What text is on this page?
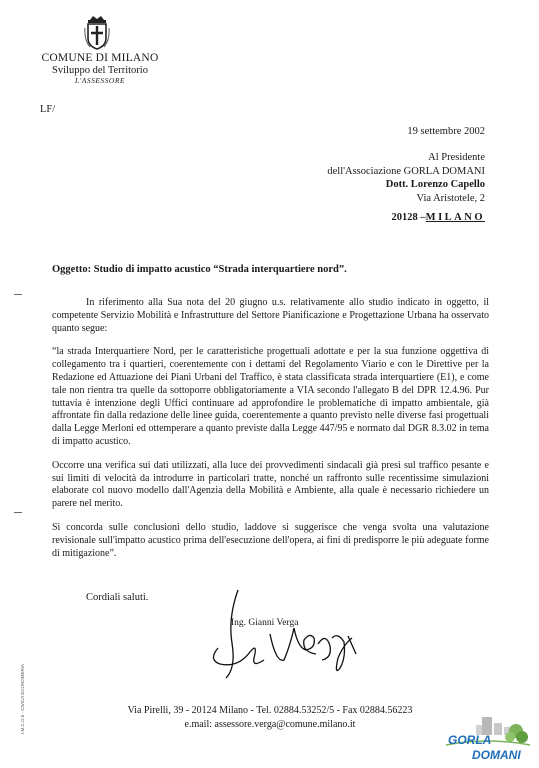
COMUNE DI MILANO
Sviluppo del Territorio
L'ASSESSORE
LF/
19 settembre 2002
Al Presidente
dell'Associazione GORLA DOMANI
Dott. Lorenzo Capello
Via Aristotele, 2
20128 –MILANO
Oggetto: Studio di impatto acustico “Strada interquartiere nord”.

In riferimento alla Sua nota del 20 giugno u.s. relativamente allo studio indicato in oggetto, il competente Servizio Mobilità e Infrastrutture del Settore Pianificazione e Progettazione Urbana ha osservato quanto segue:

“la strada Interquartiere Nord, per le caratteristiche progettuali adottate e per la sua funzione oggettiva di collegamento tra i quartieri, coerentemente con i dettami del Regolamento Viario e con le Direttive per la Redazione ed Attuazione dei Piani Urbani del Traffico, è stata classificata strada interquartiere (E1), e come tale non rientra tra quelle da sottoporre obbligatoriamente a VIA secondo l'allegato B del DPR 12.4.96. Pur tuttavia è intenzione degli Uffici continuare ad approfondire le problematiche di impatto ambientale, già affrontate fin dalla redazione delle linee guida, coerentemente a quanto previsto nelle diverse fasi progettuali dalla Legge Merloni ed ottemperare a quanto previste dalla Legge 447/95 e normato dal DGR 8.3.02 in tema di impatto acustico.

Occorre una verifica sui dati utilizzati, alla luce dei provvedimenti sindacali già presi sul traffico pesante e sui limiti di velocità da introdurre in particolari tratte, nonché un raffronto sulle recentissime simulazioni elaborate col nuovo modello dall'Agenzia della Mobilità e Ambiente, alla quale è necessario richiedere un parere nel merito.

Si concorda sulle conclusioni dello studio, laddove si suggerisce che venga svolta una valutazione revisionale sull'impatto acustico prima dell'esecuzione dell'opera, ai fini di predisporre le più adeguate forme di mitigazione”.

Cordiali saluti.
Ing. Gianni Verga
Via Pirelli, 39 - 20124 Milano - Tel. 02884.53252/5 - Fax 02884.56223
e.mail: assessore.verga@comune.milano.it
I.M.C.O.6 - CIVICA ECONOMERIA
GORLA
DOMANI
